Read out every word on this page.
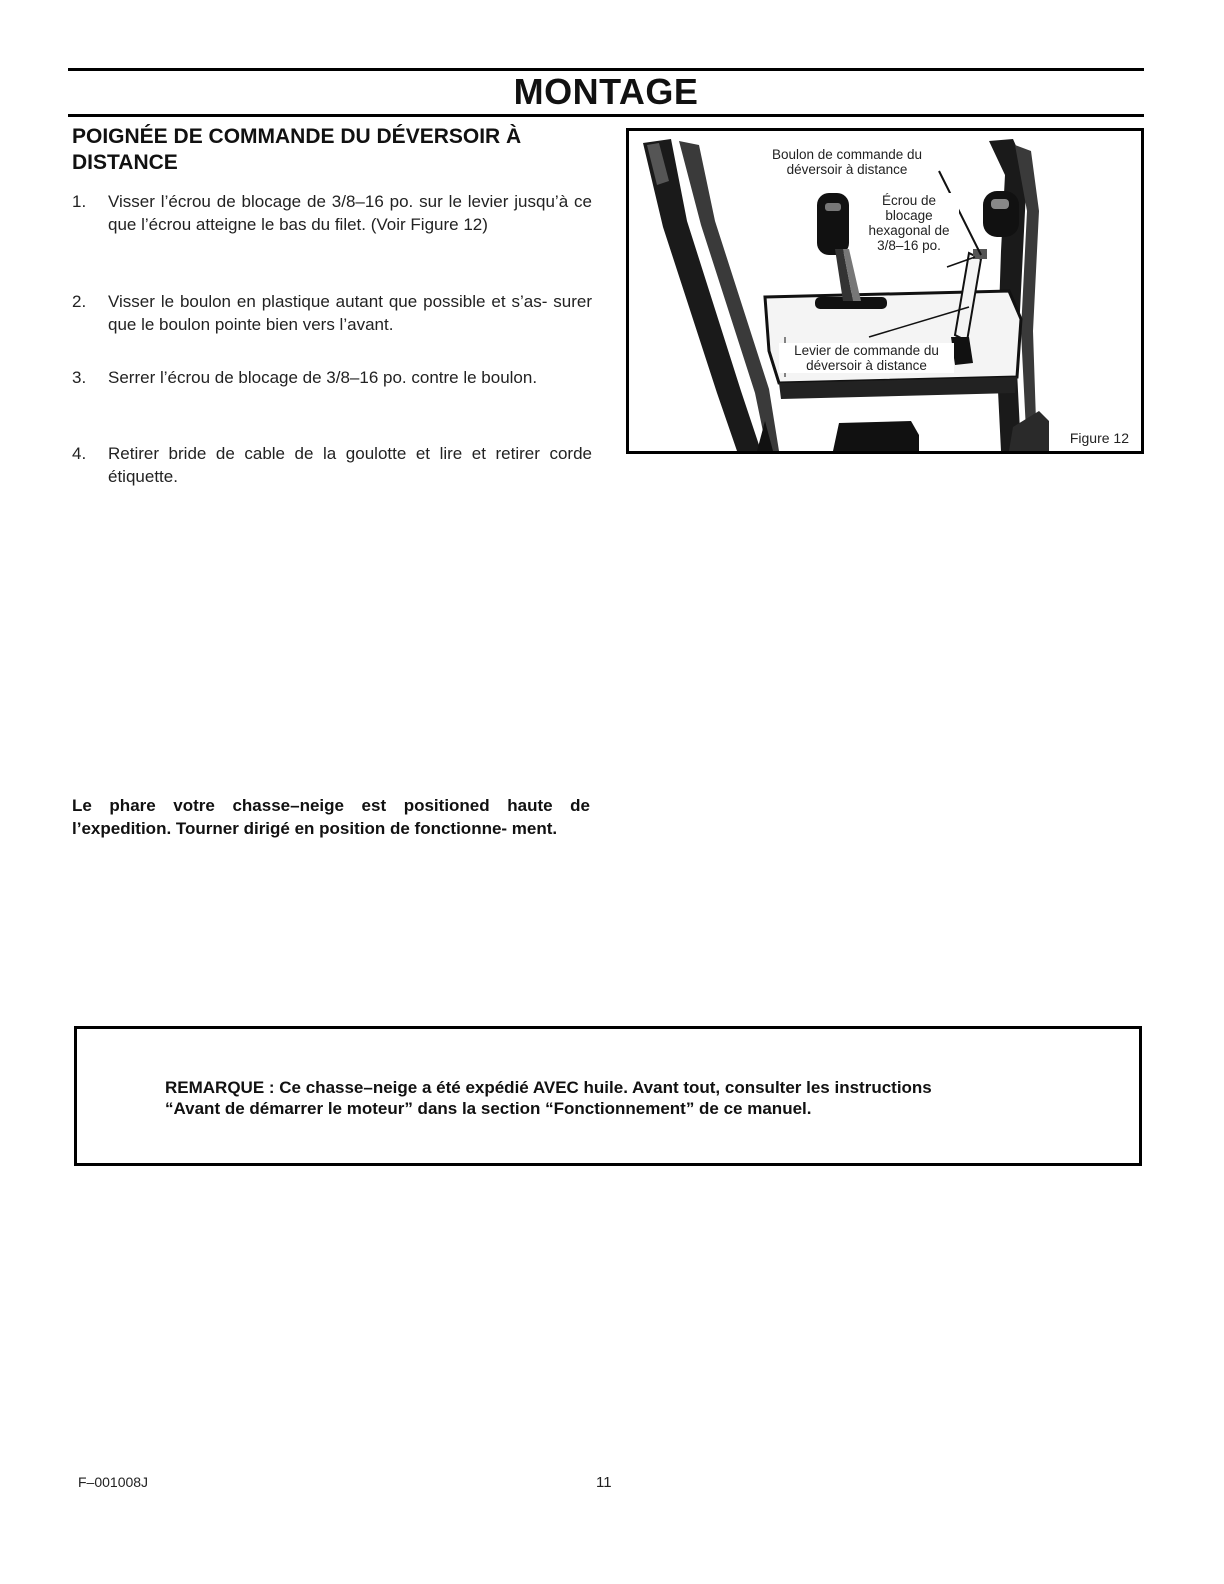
MONTAGE
POIGNÉE DE COMMANDE DU DÉVERSOIR À
DISTANCE
1.	Visser l’écrou de blocage de 3/8–16 po. sur le levier jusqu’à ce que l’écrou atteigne le bas du filet. (Voir Figure 12)
2.	Visser le boulon en plastique autant que possible et s’as- surer que le boulon pointe bien vers l’avant.
3.	Serrer l’écrou de blocage de 3/8–16 po. contre le boulon.
4.	Retirer bride de cable de la goulotte et lire et retirer corde étiquette.
Boulon de commande du
déversoir à distance
Écrou de
blocage
hexagonal de
3/8–16 po.
Levier de commande du
déversoir à distance
Figure 12

Le phare votre chasse–neige est positioned haute de l’expedition. Tourner dirigé en position de fonctionne- ment.

REMARQUE : Ce chasse–neige a été expédié AVEC huile. Avant tout, consulter les instructions
“Avant de démarrer le moteur” dans la section “Fonctionnement” de ce manuel.

F–001008J	11
